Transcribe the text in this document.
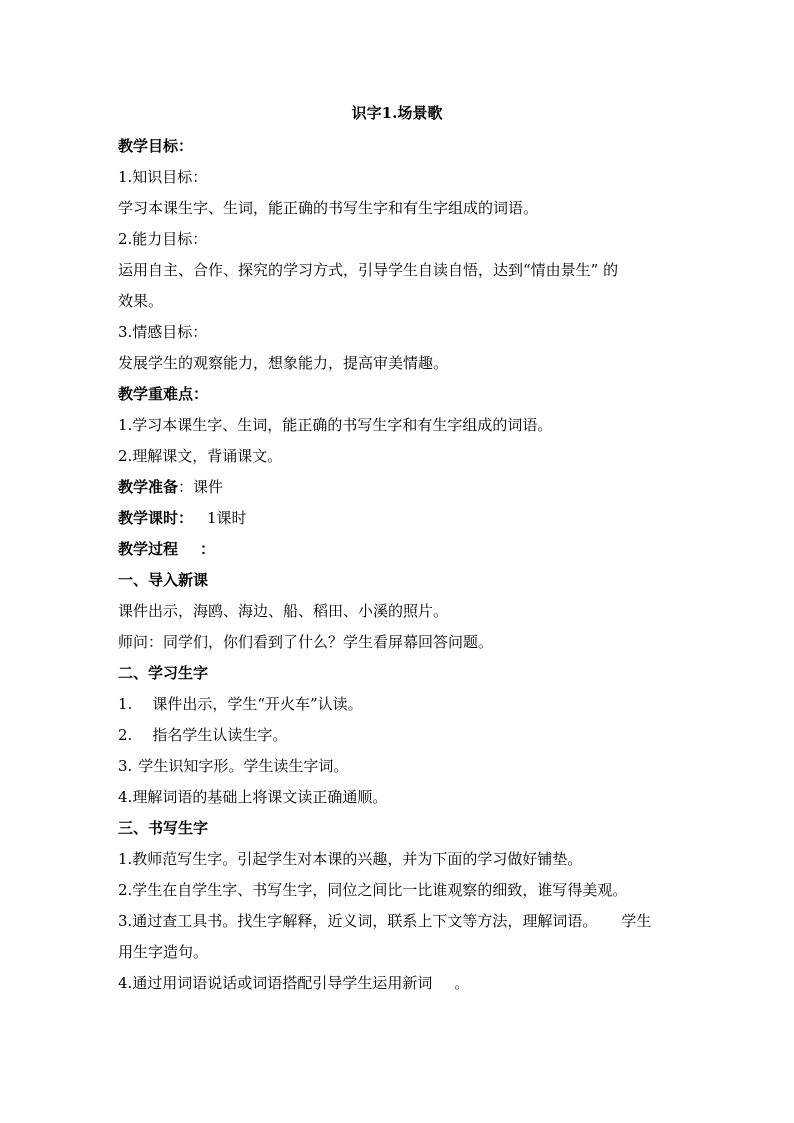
识字1.场景歌
教学目标：
1.知识目标：
学习本课生字、生词，能正确的书写生字和有生字组成的词语。
2.能力目标：
运用自主、合作、探究的学习方式，引导学生自读自悟，达到“情由景生” 的
效果。
3.情感目标：
发展学生的观察能力，想象能力，提高审美情趣。
教学重难点：
1.学习本课生字、生词，能正确的书写生字和有生字组成的词语。
2.理解课文，背诵课文。
教学准备：课件
教学课时： 1课时
教学过程 ：
一、导入新课
课件出示，海鸥、海边、船、稻田、小溪的照片。
师问：同学们，你们看到了什么？学生看屏幕回答问题。
二、学习生字
1. 课件出示，学生“开火车”认读。
2. 指名学生认读生字。
3. 学生识知字形。学生读生字词。
4.理解词语的基础上将课文读正确通顺。
三、书写生字
1.教师范写生字。引起学生对本课的兴趣，并为下面的学习做好铺垫。
2.学生在自学生字、书写生字，同位之间比一比谁观察的细致，谁写得美观。
3.通过查工具书。找生字解释，近义词，联系上下文等方法，理解词语。 学生
用生字造句。
4.通过用词语说话或词语搭配引导学生运用新词 。
